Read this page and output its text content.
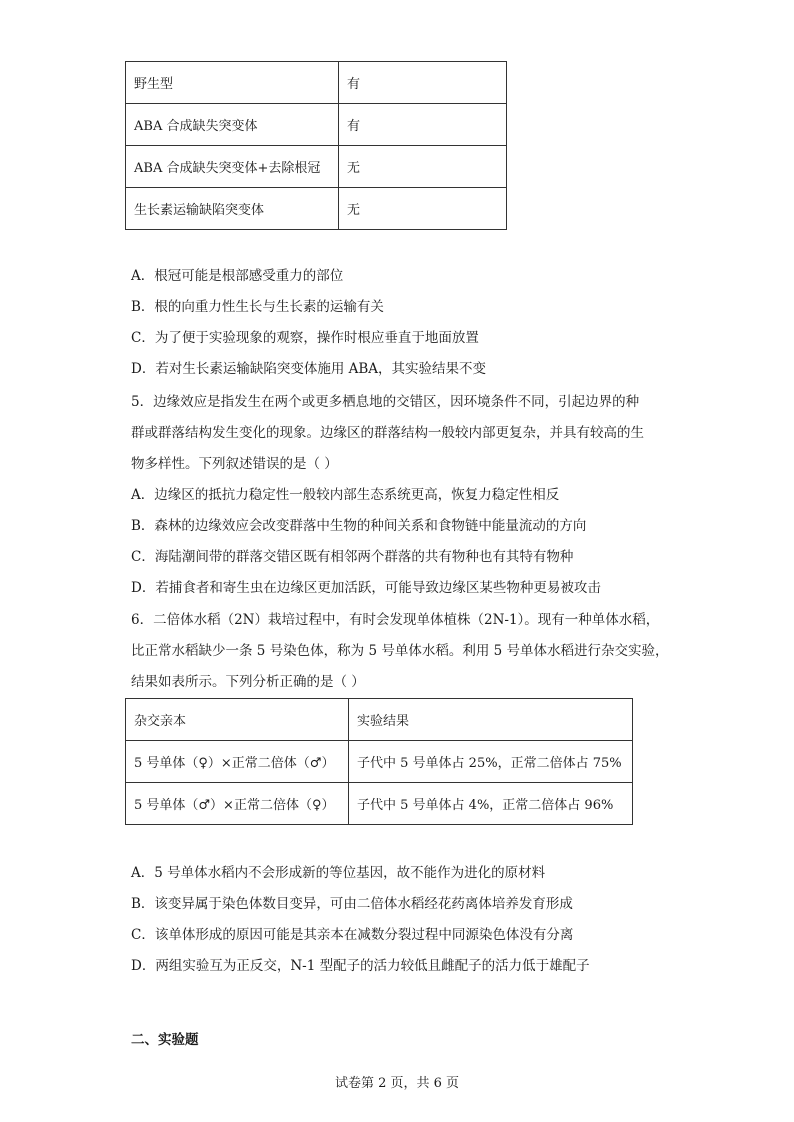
野生型	有
ABA 合成缺失突变体	有
ABA 合成缺失突变体+去除根冠	无
生长素运输缺陷突变体	无
A．根冠可能是根部感受重力的部位
B．根的向重力性生长与生长素的运输有关
C．为了便于实验现象的观察，操作时根应垂直于地面放置
D．若对生长素运输缺陷突变体施用 ABA，其实验结果不变
5．边缘效应是指发生在两个或更多栖息地的交错区，因环境条件不同，引起边界的种
群或群落结构发生变化的现象。边缘区的群落结构一般较内部更复杂，并具有较高的生
物多样性。下列叙述错误的是（ ）
A．边缘区的抵抗力稳定性一般较内部生态系统更高，恢复力稳定性相反
B．森林的边缘效应会改变群落中生物的种间关系和食物链中能量流动的方向
C．海陆潮间带的群落交错区既有相邻两个群落的共有物种也有其特有物种
D．若捕食者和寄生虫在边缘区更加活跃，可能导致边缘区某些物种更易被攻击
6．二倍体水稻（2N）栽培过程中，有时会发现单体植株（2N-1）。现有一种单体水稻，
比正常水稻缺少一条 5 号染色体，称为 5 号单体水稻。利用 5 号单体水稻进行杂交实验，
结果如表所示。下列分析正确的是（ ）
杂交亲本	实验结果
5 号单体（♀）×正常二倍体（♂）	子代中 5 号单体占 25%，正常二倍体占 75%
5 号单体（♂）×正常二倍体（♀）	子代中 5 号单体占 4%，正常二倍体占 96%
A．5 号单体水稻内不会形成新的等位基因，故不能作为进化的原材料
B．该变异属于染色体数目变异，可由二倍体水稻经花药离体培养发育形成
C．该单体形成的原因可能是其亲本在减数分裂过程中同源染色体没有分离
D．两组实验互为正反交，N-1 型配子的活力较低且雌配子的活力低于雄配子
二、实验题
试卷第 2 页，共 6 页
